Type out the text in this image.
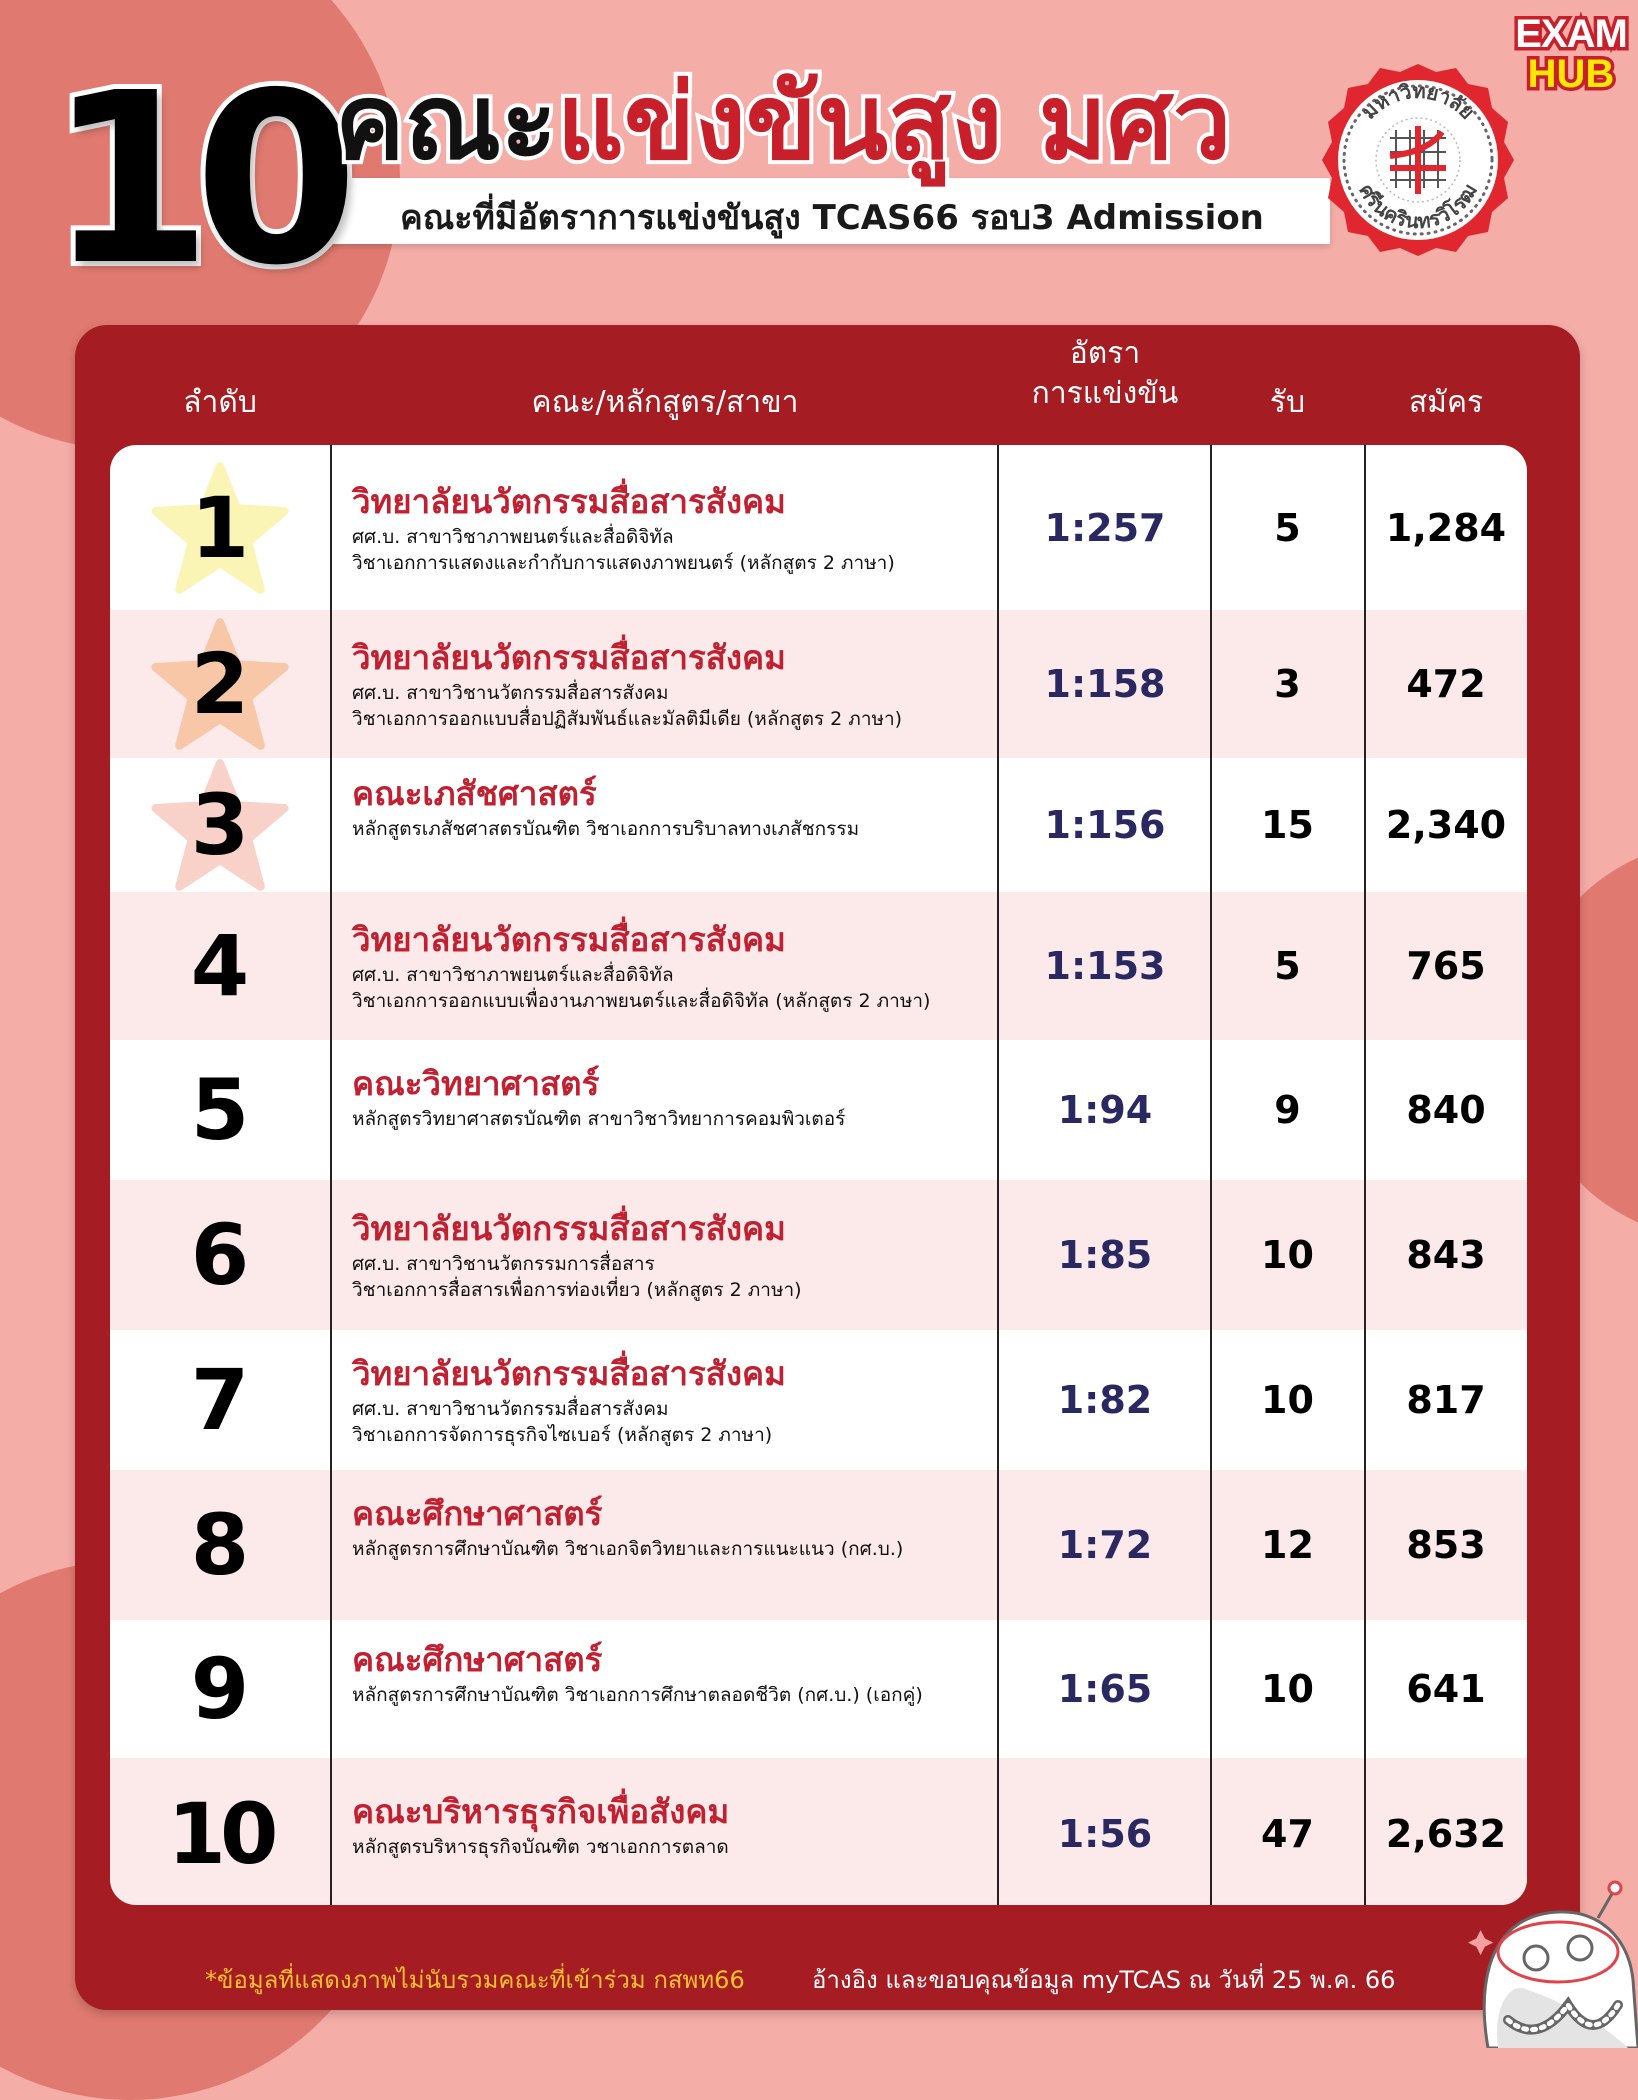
10
คณะแข่งขันสูง มศว
คณะที่มีอัตราการแข่งขันสูง TCAS66 รอบ3 Admission
มหาวิทยาลัย
ศรีนครินทรวิโรฒ
EXAM
HUB
ลำดับ	คณะ/หลักสูตร/สาขา
อัตรา
การแข่งขัน	รับ	สมัคร
1	วิทยาลัยนวัตกรรมสื่อสารสังคม
ศศ.บ. สาขาวิชาภาพยนตร์และสื่อดิจิทัล
วิชาเอกการแสดงและกำกับการแสดงภาพยนตร์ (หลักสูตร 2 ภาษา)
1:257	5	1,284
2	วิทยาลัยนวัตกรรมสื่อสารสังคม
ศศ.บ. สาขาวิชานวัตกรรมสื่อสารสังคม
วิชาเอกการออกแบบสื่อปฏิสัมพันธ์และมัลติมีเดีย (หลักสูตร 2 ภาษา)
1:158	3	472
3	คณะเภสัชศาสตร์
หลักสูตรเภสัชศาสตรบัณฑิต วิชาเอกการบริบาลทางเภสัชกรรม	1:156	15	2,340
4	วิทยาลัยนวัตกรรมสื่อสารสังคม
ศศ.บ. สาขาวิชาภาพยนตร์และสื่อดิจิทัล
วิชาเอกการออกแบบเพื่องานภาพยนตร์และสื่อดิจิทัล (หลักสูตร 2 ภาษา)
1:153	5	765
5	คณะวิทยาศาสตร์
หลักสูตรวิทยาศาสตรบัณฑิต สาขาวิชาวิทยาการคอมพิวเตอร์	1:94	9	840
6	วิทยาลัยนวัตกรรมสื่อสารสังคม
ศศ.บ. สาขาวิชานวัตกรรมการสื่อสาร
วิชาเอกการสื่อสารเพื่อการท่องเที่ยว (หลักสูตร 2 ภาษา)
1:85	10	843
7	วิทยาลัยนวัตกรรมสื่อสารสังคม
ศศ.บ. สาขาวิชานวัตกรรมสื่อสารสังคม
วิชาเอกการจัดการธุรกิจไซเบอร์ (หลักสูตร 2 ภาษา)
1:82	10	817
8	คณะศึกษาศาสตร์
หลักสูตรการศึกษาบัณฑิต วิชาเอกจิตวิทยาและการแนะแนว (กศ.บ.)	1:72	12	853
9	คณะศึกษาศาสตร์
หลักสูตรการศึกษาบัณฑิต วิชาเอกการศึกษาตลอดชีวิต (กศ.บ.) (เอกคู่)	1:65	10	641
10 คณะบริหารธุรกิจเพื่อสังคม
หลักสูตรบริหารธุรกิจบัณฑิต วชาเอกการตลาด	1:56	47	2,632
*ข้อมูลที่แสดงภาพไม่นับรวมคณะที่เข้าร่วม กสพท66	อ้างอิง และขอบคุณข้อมูล myTCAS ณ วันที่ 25 พ.ค. 66
